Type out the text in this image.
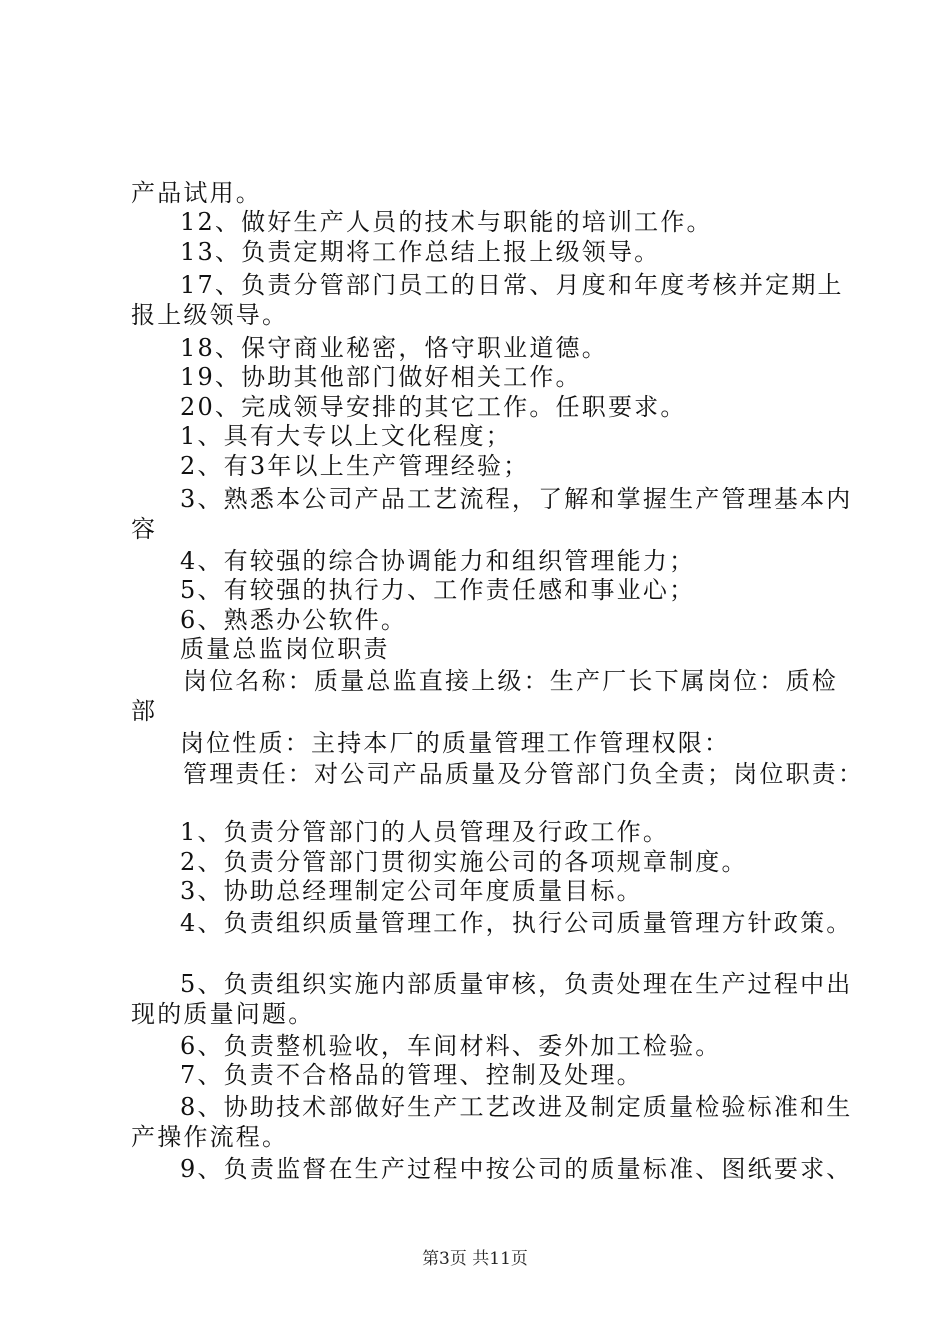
产品试用。
12、做好生产人员的技术与职能的培训工作。
13、负责定期将工作总结上报上级领导。
17、负责分管部门员工的日常、月度和年度考核并定期上
报上级领导。
18、保守商业秘密，恪守职业道德。
19、协助其他部门做好相关工作。
20、完成领导安排的其它工作。任职要求。
1、具有大专以上文化程度；
2、有3年以上生产管理经验；
3、熟悉本公司产品工艺流程，了解和掌握生产管理基本内
容
4、有较强的综合协调能力和组织管理能力；
5、有较强的执行力、工作责任感和事业心；
6、熟悉办公软件。
质量总监岗位职责
岗位名称：质量总监直接上级：生产厂长下属岗位：质检
部
岗位性质：主持本厂的质量管理工作管理权限：
管理责任：对公司产品质量及分管部门负全责；岗位职责：
1、负责分管部门的人员管理及行政工作。
2、负责分管部门贯彻实施公司的各项规章制度。
3、协助总经理制定公司年度质量目标。
4、负责组织质量管理工作，执行公司质量管理方针政策。
5、负责组织实施内部质量审核，负责处理在生产过程中出
现的质量问题。
6、负责整机验收，车间材料、委外加工检验。
7、负责不合格品的管理、控制及处理。
8、协助技术部做好生产工艺改进及制定质量检验标准和生
产操作流程。
9、负责监督在生产过程中按公司的质量标准、图纸要求、
第3页 共11页
